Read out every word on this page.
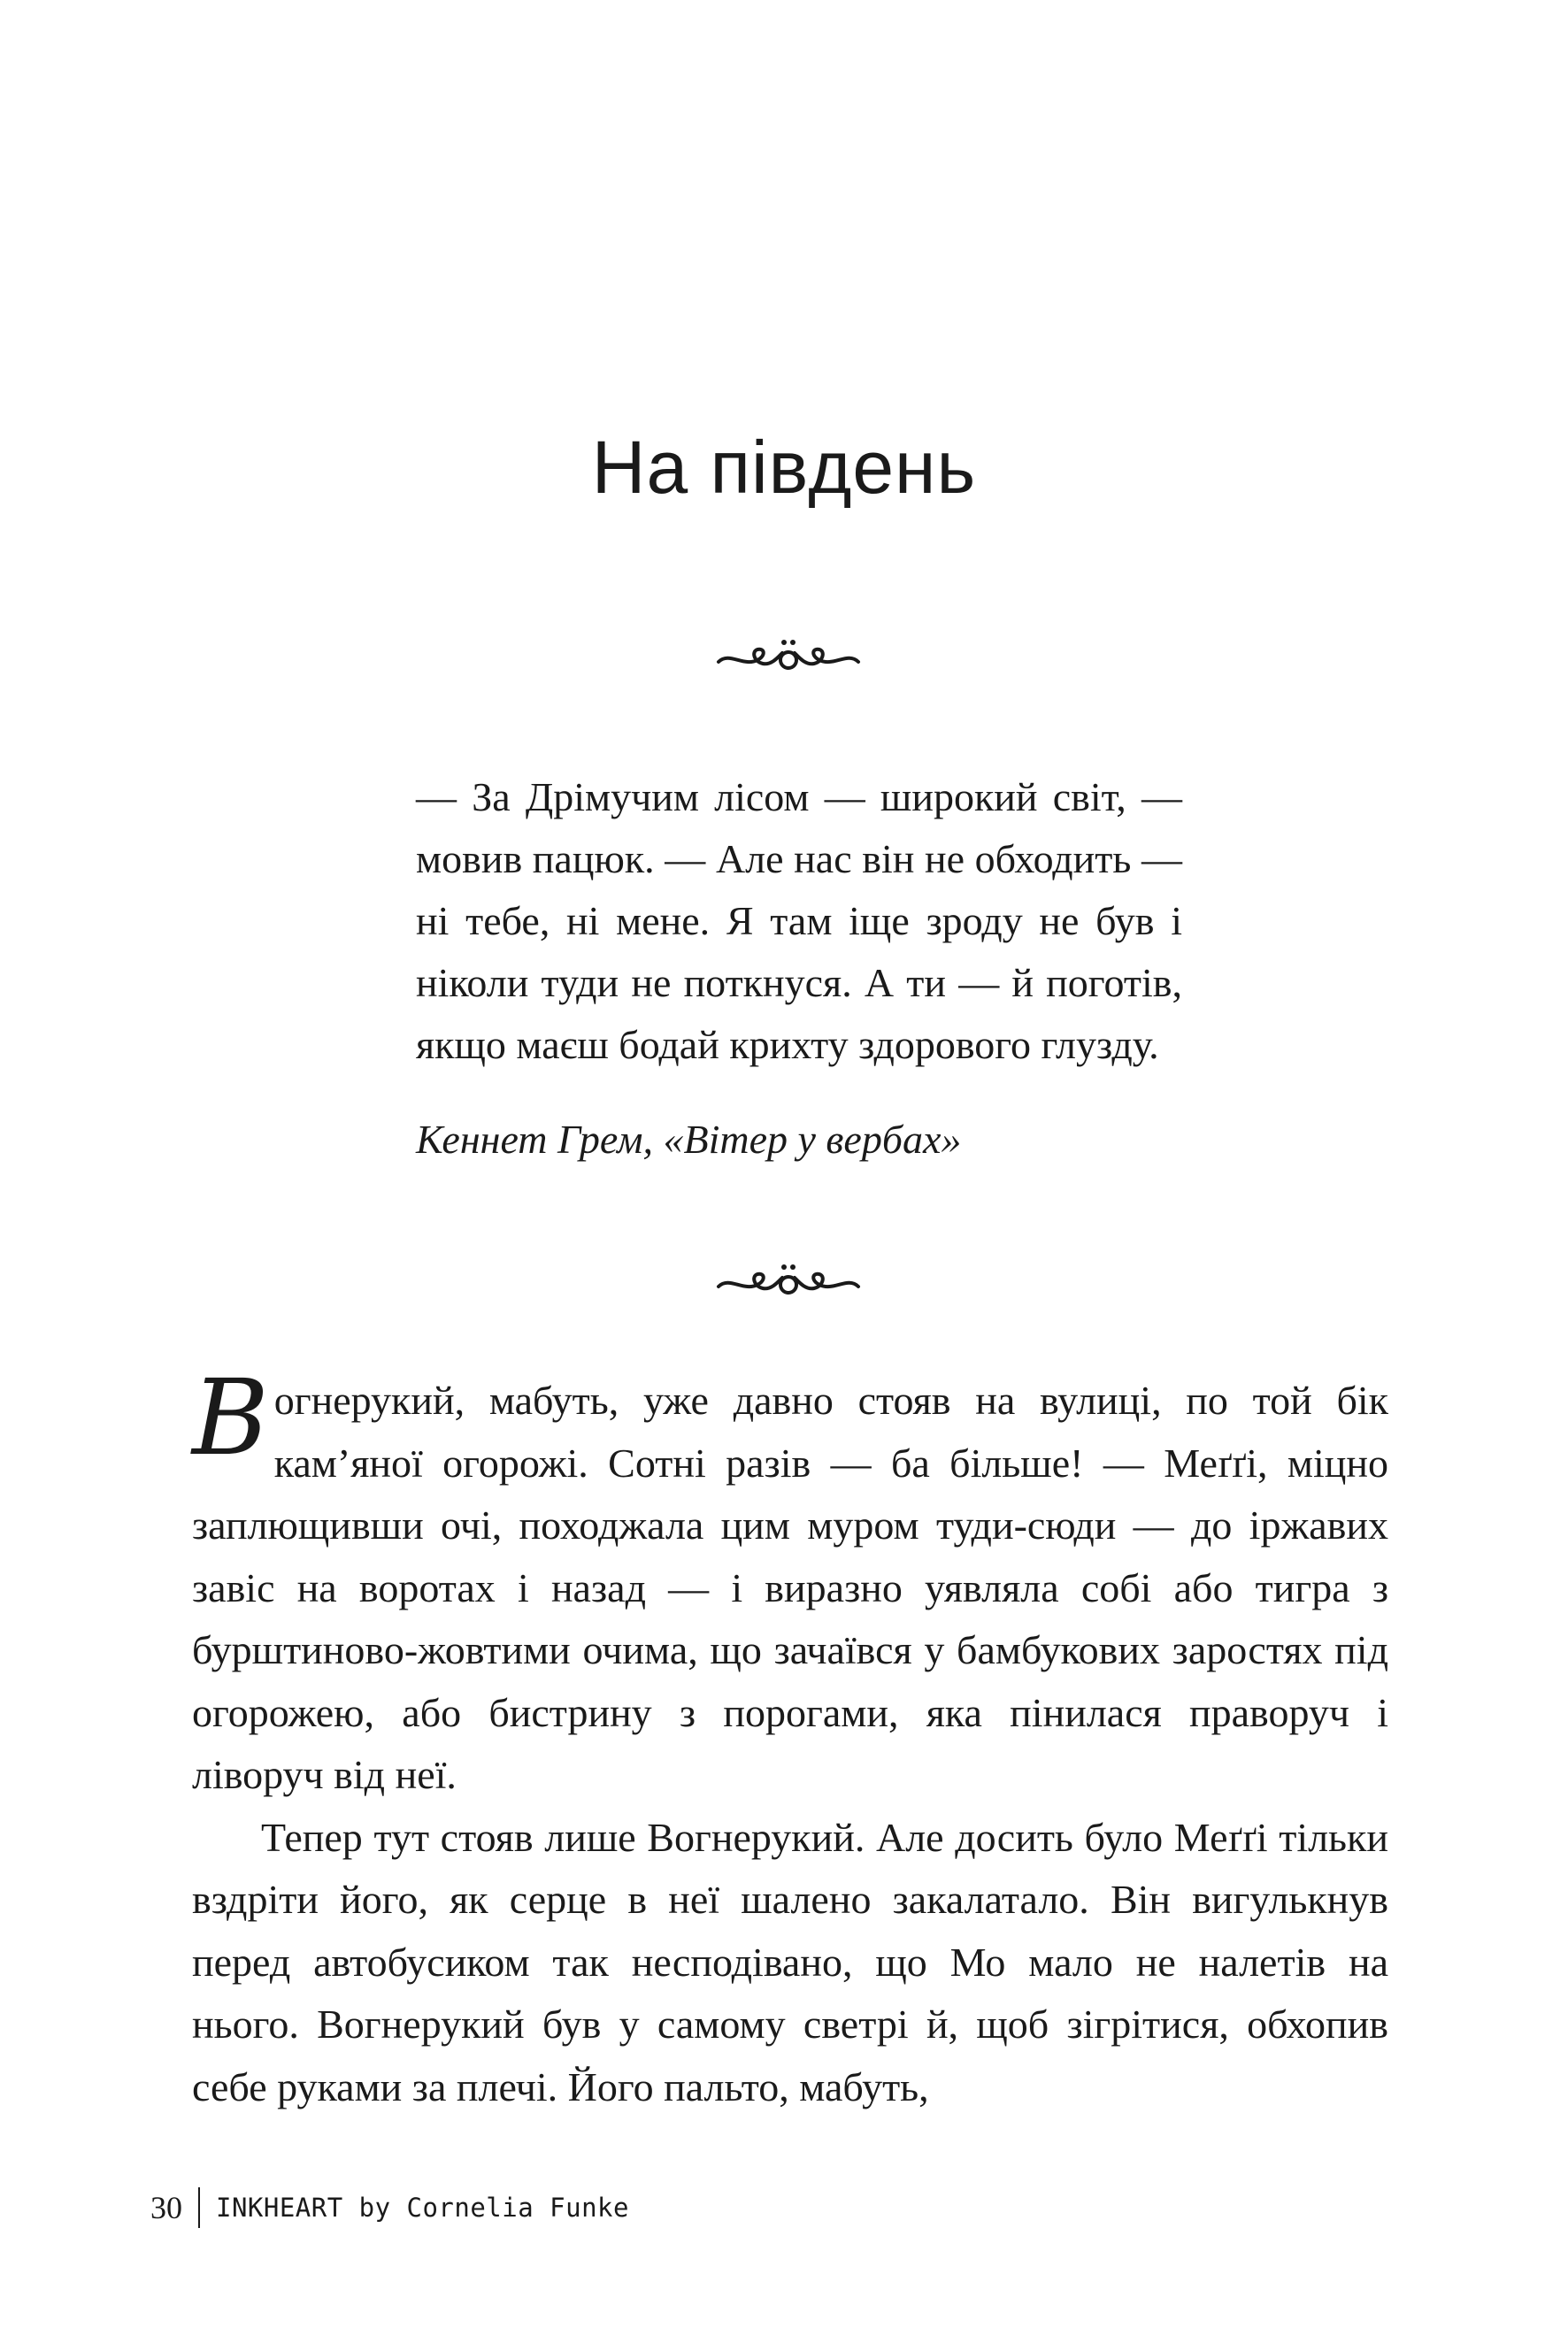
На південь
— За Дрімучим лісом — широкий світ, — мовив пацюк. — Але нас він не обходить — ні тебе, ні мене. Я там іще зроду не був і ніколи туди не поткнуся. А ти — й поготів, якщо маєш бодай крихту здорового глузду.

Кеннет Грем, «Вітер у вербах»

Вогнерукий, мабуть, уже давно стояв на вулиці, по той бік кам’яної огорожі. Сотні разів — ба більше! — Меґґі, міцно заплющивши очі, походжала цим муром туди-сюди — до іржавих завіс на воротах і назад — і виразно уявляла собі або тигра з бурштиново-жовтими очима, що зачаївся у бамбукових заростях під огорожею, або бистрину з порогами, яка пінилася праворуч і ліворуч від неї.

Тепер тут стояв лише Вогнерукий. Але досить було Меґґі тільки вздріти його, як серце в неї шалено закалатало. Він вигулькнув перед автобусиком так несподівано, що Мо мало не налетів на нього. Вогнерукий був у самому светрі й, щоб зігрітися, обхопив себе руками за плечі. Його пальто, мабуть,

30 INKHEART by Cornelia Funke
